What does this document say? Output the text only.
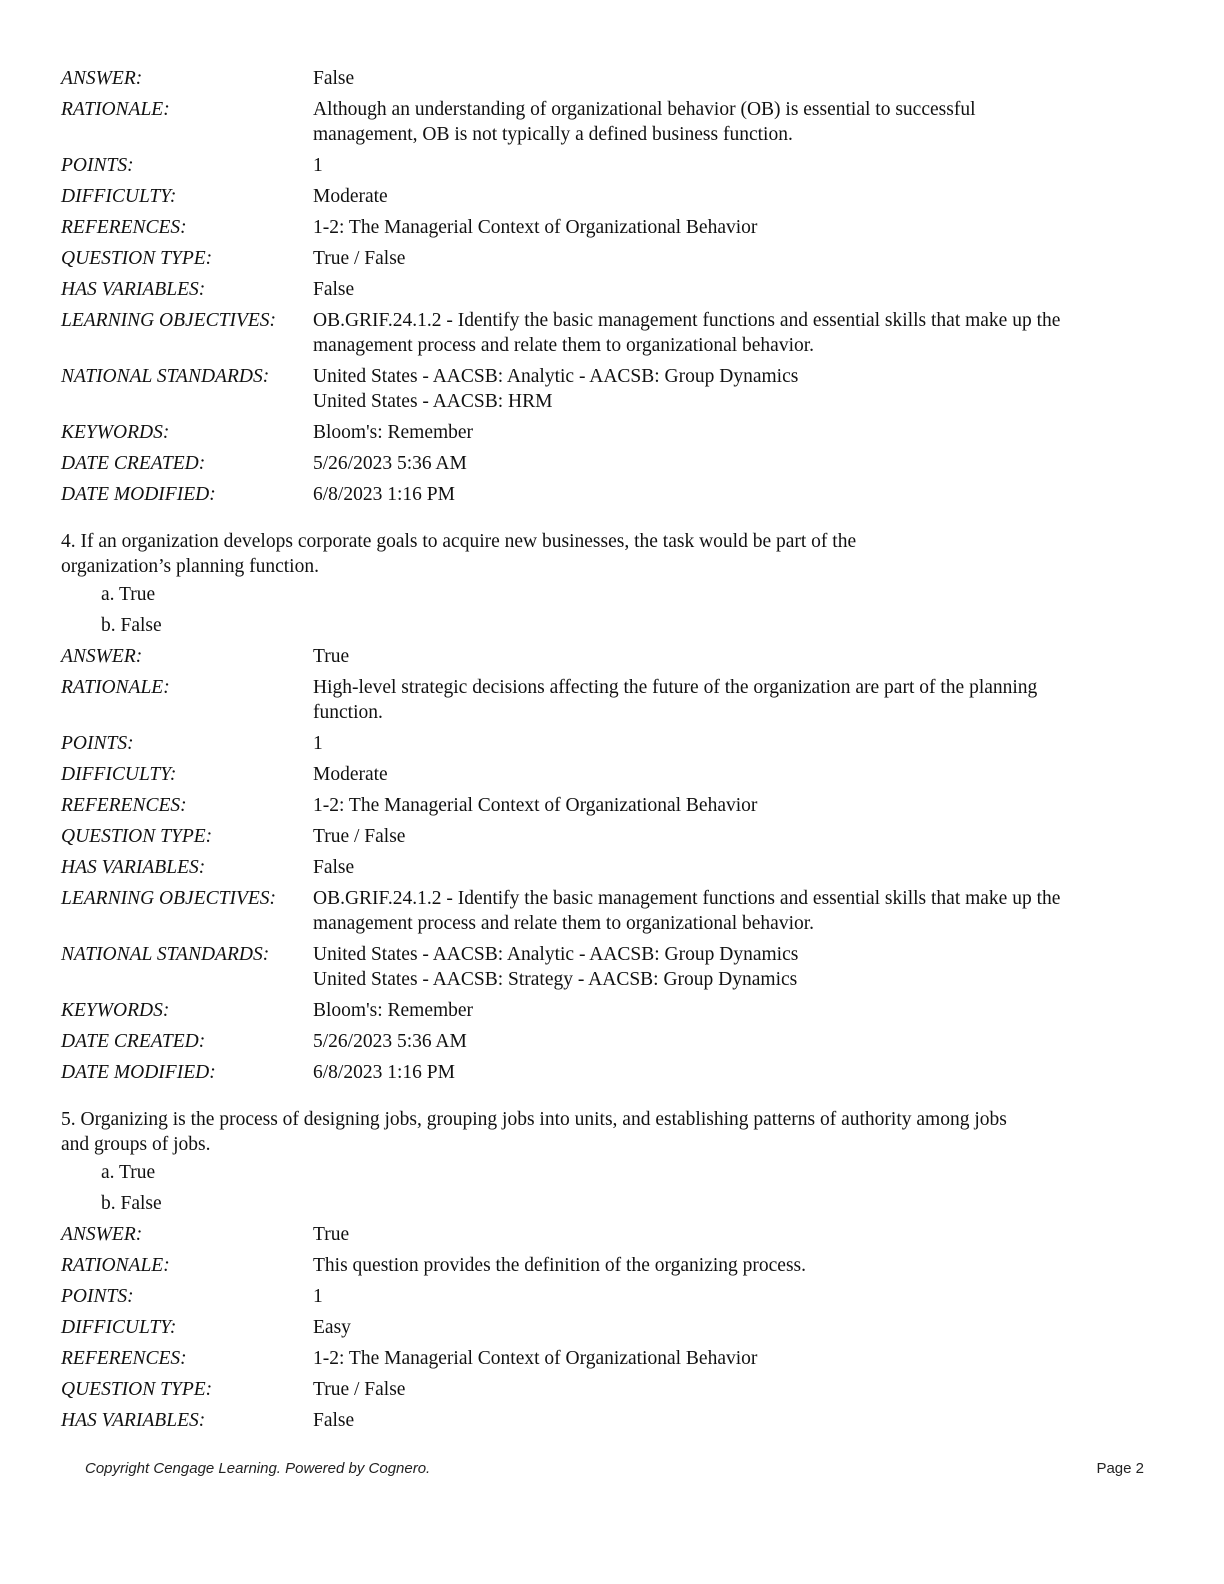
ANSWER:	False
RATIONALE:	Although an understanding of organizational behavior (OB) is essential to successful
management, OB is not typically a defined business function.
POINTS:	1
DIFFICULTY:	Moderate
REFERENCES:	1-2: The Managerial Context of Organizational Behavior
QUESTION TYPE:	True / False
HAS VARIABLES:	False
LEARNING OBJECTIVES:	OB.GRIF.24.1.2 - Identify the basic management functions and essential skills that make up the
management process and relate them to organizational behavior.
NATIONAL STANDARDS:	United States - AACSB: Analytic - AACSB: Group Dynamics
United States - AACSB: HRM
KEYWORDS:	Bloom's: Remember
DATE CREATED:	5/26/2023 5:36 AM
DATE MODIFIED:	6/8/2023 1:16 PM
4. If an organization develops corporate goals to acquire new businesses, the task would be part of the
organization’s planning function.
a. True
b. False
ANSWER:	True
RATIONALE:	High-level strategic decisions affecting the future of the organization are part of the planning
function.
POINTS:	1
DIFFICULTY:	Moderate
REFERENCES:	1-2: The Managerial Context of Organizational Behavior
QUESTION TYPE:	True / False
HAS VARIABLES:	False
LEARNING OBJECTIVES:	OB.GRIF.24.1.2 - Identify the basic management functions and essential skills that make up the
management process and relate them to organizational behavior.
NATIONAL STANDARDS:	United States - AACSB: Analytic - AACSB: Group Dynamics
United States - AACSB: Strategy - AACSB: Group Dynamics
KEYWORDS:	Bloom's: Remember
DATE CREATED:	5/26/2023 5:36 AM
DATE MODIFIED:	6/8/2023 1:16 PM
5. Organizing is the process of designing jobs, grouping jobs into units, and establishing patterns of authority among jobs
and groups of jobs.
a. True
b. False
ANSWER:	True
RATIONALE:	This question provides the definition of the organizing process.
POINTS:	1
DIFFICULTY:	Easy
REFERENCES:	1-2: The Managerial Context of Organizational Behavior
QUESTION TYPE:	True / False
HAS VARIABLES:	False
Copyright Cengage Learning. Powered by Cognero.	Page 2
